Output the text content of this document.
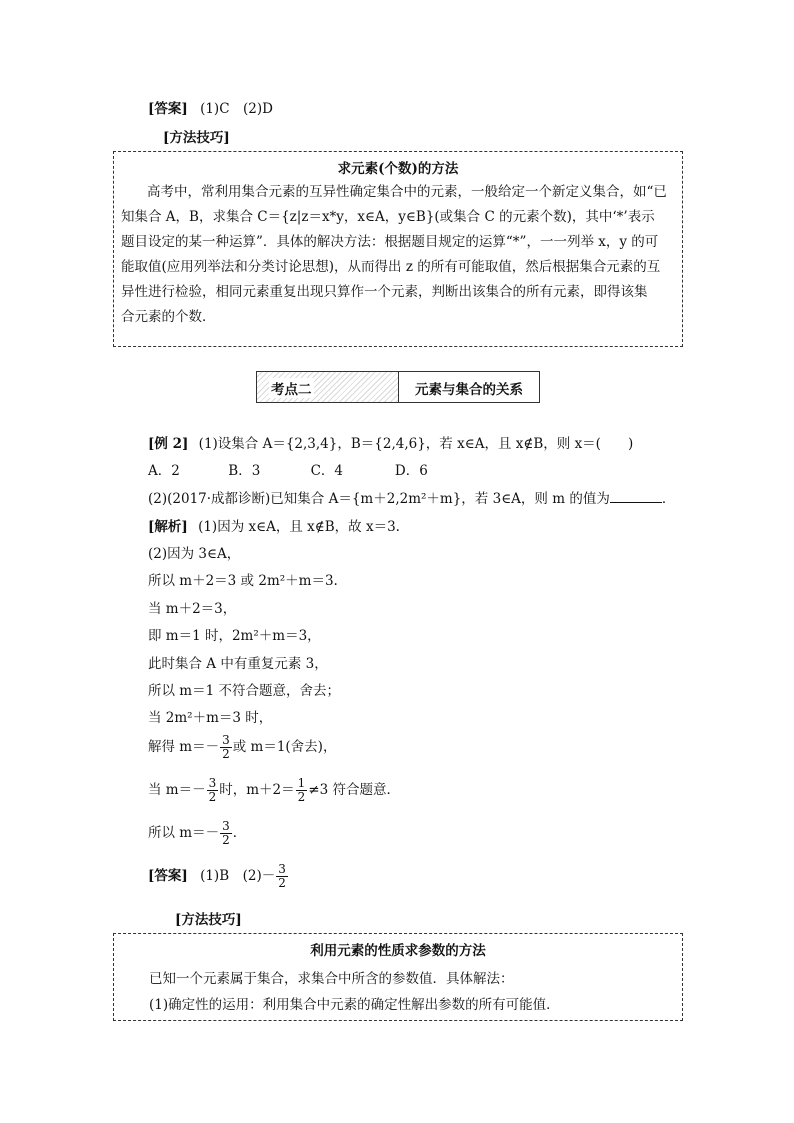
[答案] (1)C　(2)D
[方法技巧]
求元素(个数)的方法
高考中，常利用集合元素的互异性确定集合中的元素，一般给定一个新定义集合，如“已
知集合 A，B，求集合 C＝{z|z＝x*y，x∈A，y∈B}(或集合 C 的元素个数)，其中‘*’表示
题目设定的某一种运算”．具体的解决方法：根据题目规定的运算“*”，一一列举 x，y 的可
能取值(应用列举法和分类讨论思想)，从而得出 z 的所有可能取值，然后根据集合元素的互
异性进行检验，相同元素重复出现只算作一个元素，判断出该集合的所有元素，即得该集
合元素的个数．
考点二	元素与集合的关系
[例 2] (1)设集合 A＝{2,3,4}，B＝{2,4,6}，若 x∈A，且 x∉B，则 x＝(　　)
A．2	B．3	C．4	D．6
(2)(2017·成都诊断)已知集合 A＝{m＋2,2m²＋m}，若 3∈A，则 m 的值为	．
[解析] (1)因为 x∈A，且 x∉B，故 x＝3.
(2)因为 3∈A，
所以 m＋2＝3 或 2m²＋m＝3.
当 m＋2＝3，
即 m＝1 时，2m²＋m＝3，
此时集合 A 中有重复元素 3，
所以 m＝1 不符合题意，舍去；
当 2m²＋m＝3 时，
解得 $m=- \frac{3}{2}$ 或 m＝1(舍去)，
当 $m=- \frac{3}{2}$ 时，$m+2= \frac{1}{2} \ne 3$ 符合题意．
所以 $m=- \frac{3}{2}$ ．
[答案] (1)B　$(2)- \frac{3}{2}$
[方法技巧]
利用元素的性质求参数的方法
已知一个元素属于集合，求集合中所含的参数值．具体解法：
(1)确定性的运用：利用集合中元素的确定性解出参数的所有可能值．
